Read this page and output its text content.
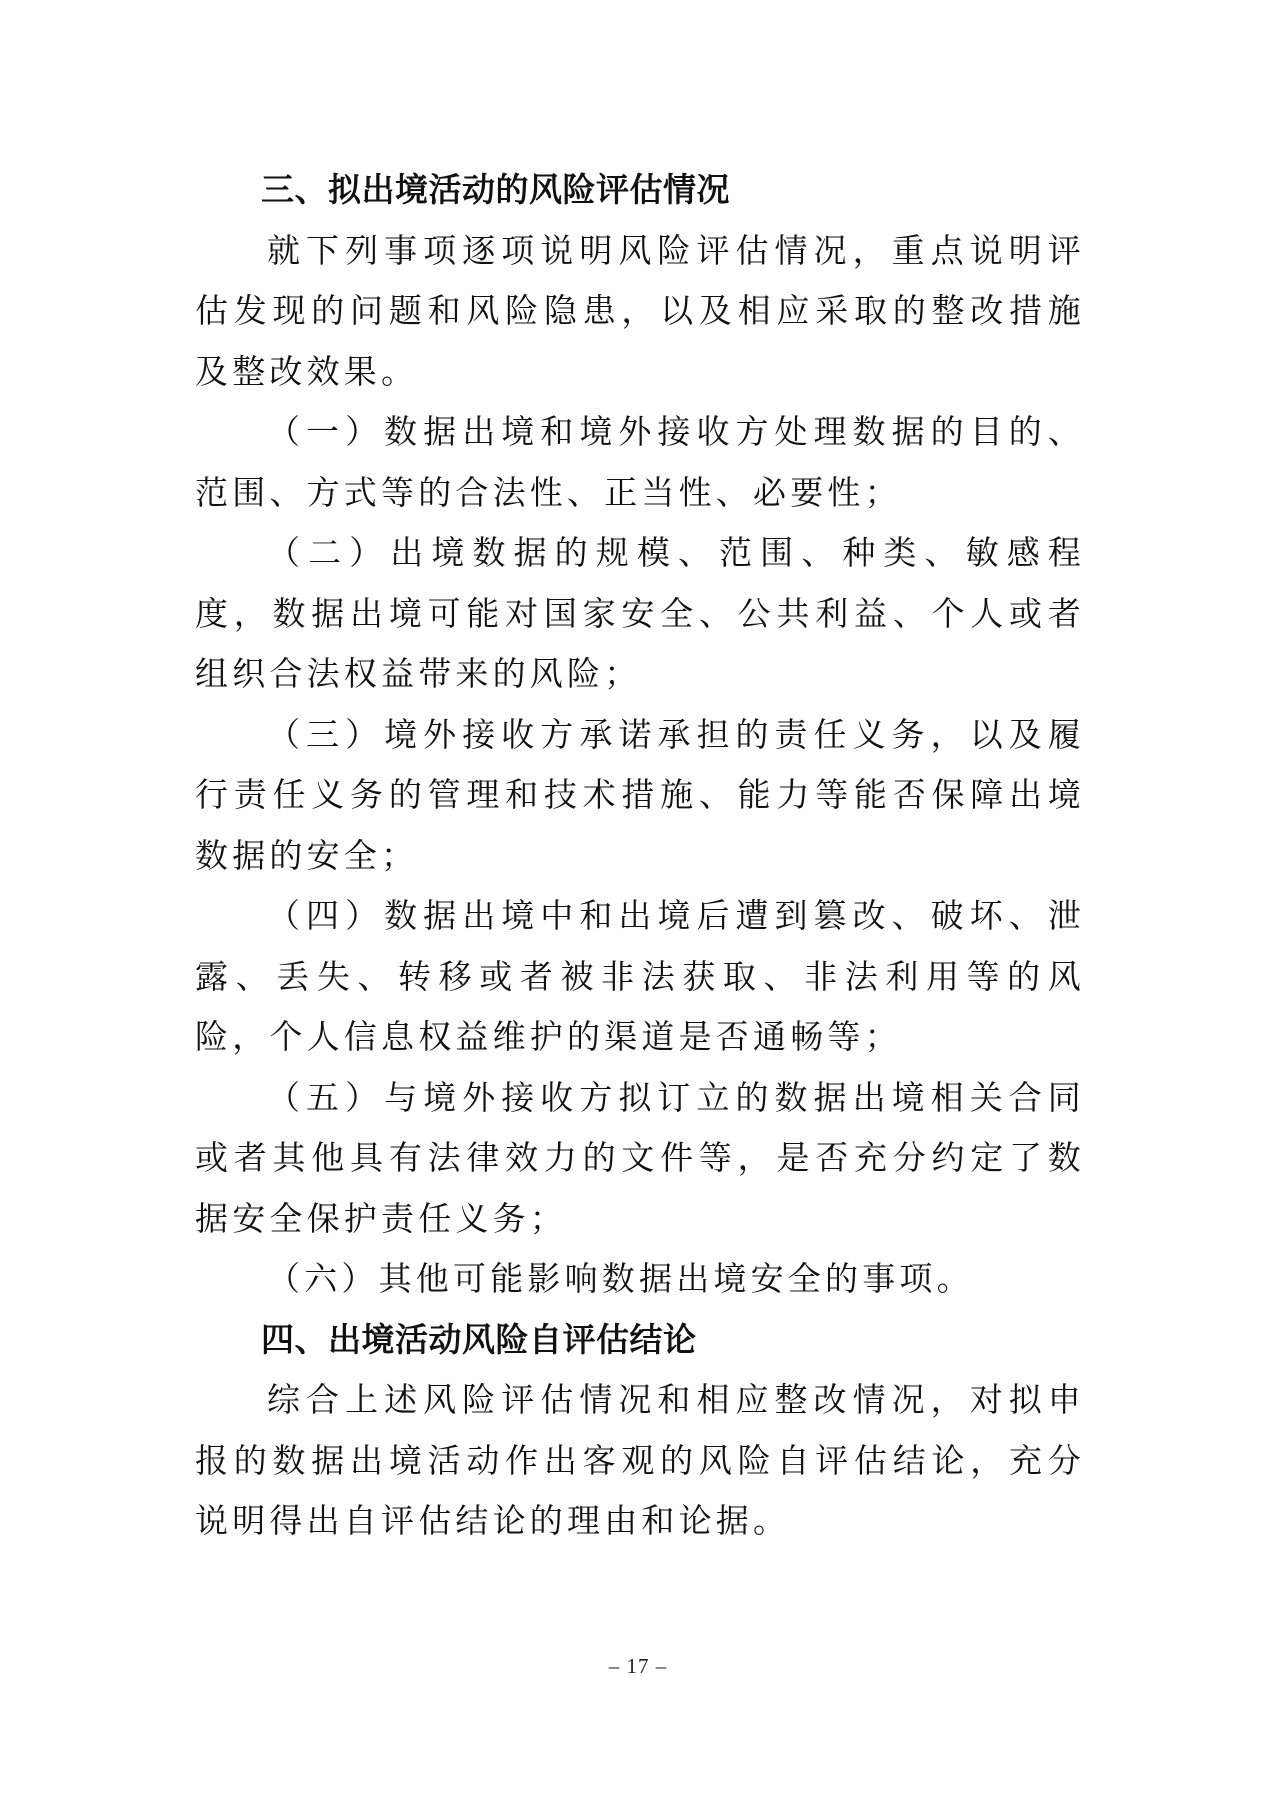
三、拟出境活动的风险评估情况

就下列事项逐项说明风险评估情况，重点说明评估发现的问题和风险隐患，以及相应采取的整改措施及整改效果。

（一）数据出境和境外接收方处理数据的目的、范围、方式等的合法性、正当性、必要性；

（二）出境数据的规模、范围、种类、敏感程度，数据出境可能对国家安全、公共利益、个人或者组织合法权益带来的风险；

（三）境外接收方承诺承担的责任义务，以及履行责任义务的管理和技术措施、能力等能否保障出境数据的安全；

（四）数据出境中和出境后遭到篡改、破坏、泄露、丢失、转移或者被非法获取、非法利用等的风险，个人信息权益维护的渠道是否通畅等；

（五）与境外接收方拟订立的数据出境相关合同或者其他具有法律效力的文件等，是否充分约定了数据安全保护责任义务；

（六）其他可能影响数据出境安全的事项。

四、出境活动风险自评估结论

综合上述风险评估情况和相应整改情况，对拟申报的数据出境活动作出客观的风险自评估结论，充分说明得出自评估结论的理由和论据。

– 17 –
